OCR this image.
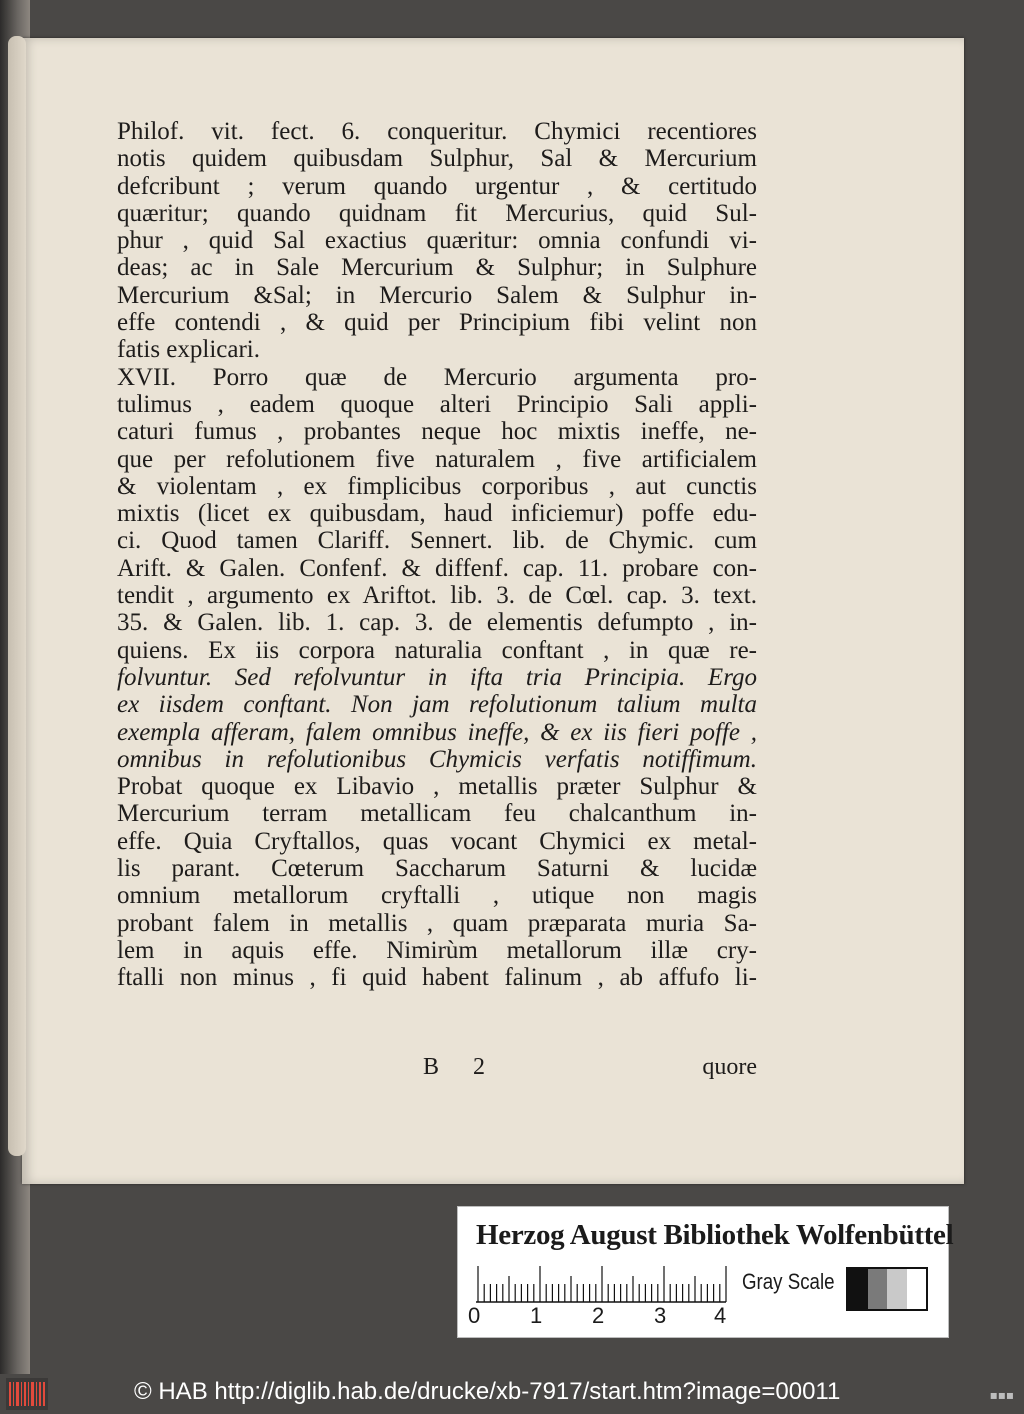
Philof. vit. fect. 6. conqueritur. Chymici recentiores
notis quidem quibusdam Sulphur, Sal & Mercurium
defcribunt ; verum quando urgentur , & certitudo
quæritur; quando quidnam fit Mercurius, quid Sul-
phur , quid Sal exactius quæritur: omnia confundi vi-
deas; ac in Sale Mercurium & Sulphur; in Sulphure
Mercurium &Sal; in Mercurio Salem & Sulphur in-
effe contendi , & quid per Principium fibi velint non
fatis explicari.
XVII. Porro quæ de Mercurio argumenta pro-
tulimus , eadem quoque alteri Principio Sali appli-
caturi fumus , probantes neque hoc mixtis ineffe, ne-
que per refolutionem five naturalem , five artificialem
& violentam , ex fimplicibus corporibus , aut cunctis
mixtis (licet ex quibusdam, haud inficiemur) poffe edu-
ci. Quod tamen Clariff. Sennert. lib. de Chymic. cum
Arift. & Galen. Confenf. & diffenf. cap. 11. probare con-
tendit , argumento ex Ariftot. lib. 3. de Cœl. cap. 3. text.
35. & Galen. lib. 1. cap. 3. de elementis defumpto , in-
quiens. Ex iis corpora naturalia conftant , in quæ re-
folvuntur. Sed refolvuntur in ifta tria Principia. Ergo
ex iisdem conftant. Non jam refolutionum talium multa
exempla afferam, falem omnibus ineffe, & ex iis fieri poffe ,
omnibus in refolutionibus Chymicis verfatis notiffimum.
Probat quoque ex Libavio , metallis præter Sulphur &
Mercurium terram metallicam feu chalcanthum in-
effe. Quia Cryftallos, quas vocant Chymici ex metal-
lis parant. Cœterum Saccharum Saturni & lucidæ
omnium metallorum cryftalli , utique non magis
probant falem in metallis , quam præparata muria Sa-
lem in aquis effe. Nimirùm metallorum illæ cry-
ftalli non minus , fi quid habent falinum , ab affufo li-
B 2	quore
Herzog August Bibliothek Wolfenbüttel
0 1 2 3 4
Gray Scale
© HAB http://diglib.hab.de/drucke/xb-7917/start.htm?image=00011	▪▪▪
